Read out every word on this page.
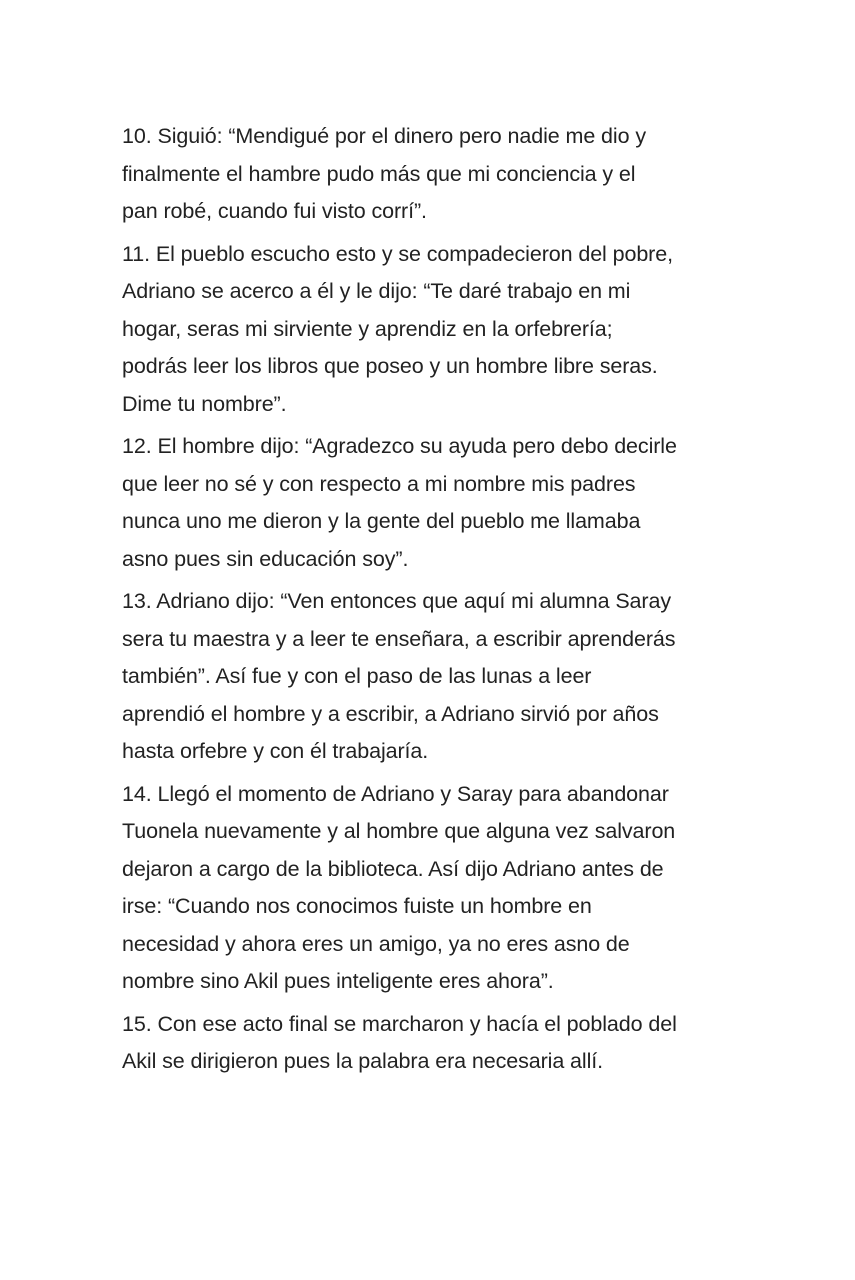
10. Siguió: “Mendigué por el dinero pero nadie me dio y
finalmente el hambre pudo más que mi conciencia y el
pan robé, cuando fui visto corrí”.

11. El pueblo escucho esto y se compadecieron del pobre,
Adriano se acerco a él y le dijo: “Te daré trabajo en mi
hogar, seras mi sirviente y aprendiz en la orfebrería;
podrás leer los libros que poseo y un hombre libre seras.
Dime tu nombre”.

12. El hombre dijo: “Agradezco su ayuda pero debo decirle
que leer no sé y con respecto a mi nombre mis padres
nunca uno me dieron y la gente del pueblo me llamaba
asno pues sin educación soy”.

13. Adriano dijo: “Ven entonces que aquí mi alumna Saray
sera tu maestra y a leer te enseñara, a escribir aprenderás
también”. Así fue y con el paso de las lunas a leer
aprendió el hombre y a escribir, a Adriano sirvió por años
hasta orfebre y con él trabajaría.

14. Llegó el momento de Adriano y Saray para abandonar
Tuonela nuevamente y al hombre que alguna vez salvaron
dejaron a cargo de la biblioteca. Así dijo Adriano antes de
irse: “Cuando nos conocimos fuiste un hombre en
necesidad y ahora eres un amigo, ya no eres asno de
nombre sino Akil pues inteligente eres ahora”.

15. Con ese acto final se marcharon y hacía el poblado del
Akil se dirigieron pues la palabra era necesaria allí.
